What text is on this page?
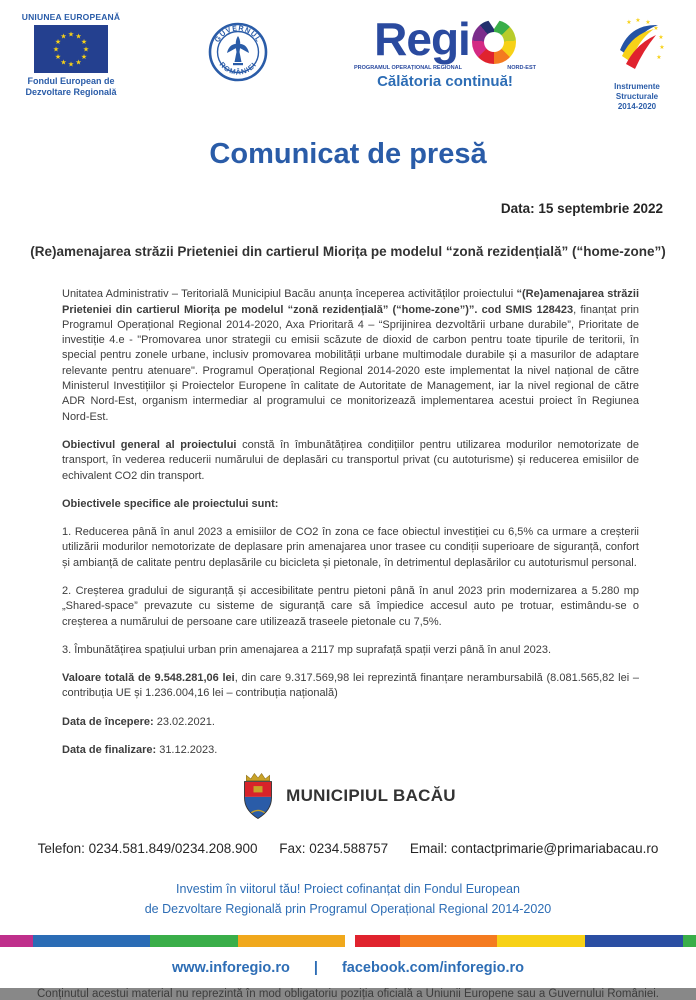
UNIUNEA EUROPEANĂ
★ ★
★
★
★
★
★
★
★
★
★
★
Fondul European de
Dezvoltare Regională
GUVERNUL
ROMÂNIEI	Regi
PROGRAMUL OPERAȚIONAL REGIONAL	NORD-EST
Călătoria continuă!
★ ★
★
★
★
★
★
Instrumente Structurale
2014-2020
Comunicat de presă
Data: 15 septembrie 2022
(Re)amenajarea străzii Prieteniei din cartierul Miorița pe modelul “zonă rezidențială” (“home-zone”)

Unitatea Administrativ – Teritorială Municipiul Bacău anunța începerea activităților proiectului “(Re)amenajarea străzii Prieteniei din cartierul Miorița pe modelul “zonă rezidențială” (“home-zone”)”. cod SMIS 128423, finanțat prin Programul Operațional Regional 2014-2020, Axa Prioritară 4 – “Sprijinirea dezvoltării urbane durabile”, Prioritate de investiție 4.e - "Promovarea unor strategii cu emisii scăzute de dioxid de carbon pentru toate tipurile de teritorii, în special pentru zonele urbane, inclusiv promovarea mobilității urbane multimodale durabile și a masurilor de adaptare relevante pentru atenuare". Programul Operațional Regional 2014-2020 este implementat la nivel național de către Ministerul Investițiilor și Proiectelor Europene în calitate de Autoritate de Management, iar la nivel regional de către ADR Nord-Est, organism intermediar al programului ce monitorizează implementarea acestui proiect în Regiunea Nord-Est.

Obiectivul general al proiectului constă în îmbunătățirea condițiilor pentru utilizarea modurilor nemotorizate de transport, în vederea reducerii numărului de deplasări cu transportul privat (cu autoturisme) și reducerea emisiilor de echivalent CO2 din transport.

Obiectivele specifice ale proiectului sunt:

1. Reducerea până în anul 2023 a emisiilor de CO2 în zona ce face obiectul investiției cu 6,5% ca urmare a creșterii utilizării modurilor nemotorizate de deplasare prin amenajarea unor trasee cu condiții superioare de siguranță, confort și ambianță de calitate pentru deplasările cu bicicleta și pietonale, în detrimentul deplasărilor cu autoturismul personal.

2. Creșterea gradului de siguranță și accesibilitate pentru pietoni până în anul 2023 prin modernizarea a 5.280 mp „Shared-space” prevazute cu sisteme de siguranță care să împiedice accesul auto pe trotuar, estimându-se o creșterea a numărului de persoane care utilizează traseele pietonale cu 7,5%.

3. Îmbunătățirea spațiului urban prin amenajarea a 2117 mp suprafață spații verzi până în anul 2023.

Valoare totală de 9.548.281,06 lei, din care 9.317.569,98 lei reprezintă finanțare nerambursabilă (8.081.565,82 lei – contribuția UE și 1.236.004,16 lei – contribuția națională)

Data de începere: 23.02.2021.

Data de finalizare: 31.12.2023.

MUNICIPIUL BACĂU
Telefon: 0234.581.849/0234.208.900 Fax: 0234.588757 Email: contactprimarie@primariabacau.ro
Investim în viitorul tău! Proiect cofinanțat din Fondul European
de Dezvoltare Regională prin Programul Operațional Regional 2014-2020
www.inforegio.ro | facebook.com/inforegio.ro
Conținutul acestui material nu reprezintă în mod obligatoriu poziția oficială a Uniunii Europene sau a Guvernului României.
